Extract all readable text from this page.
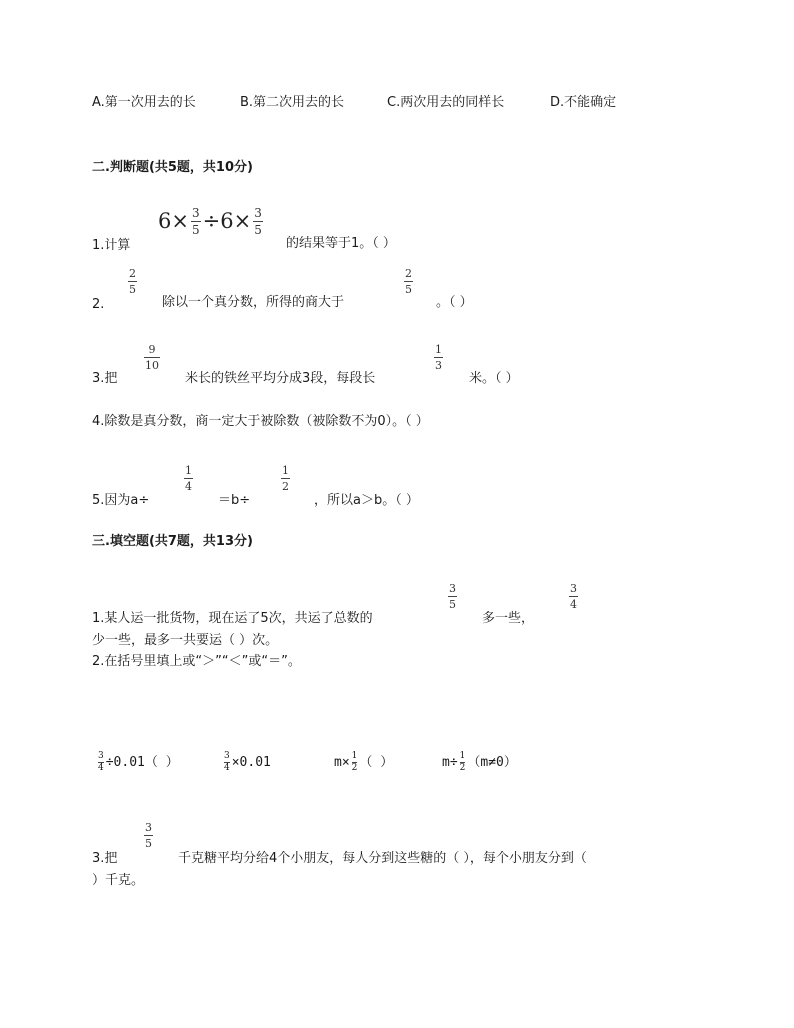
A.第一次用去的长	B.第二次用去的长	C.两次用去的同样长	D.不能确定
二.判断题(共5题，共10分)
1.计算
$6 \times \frac{3}{5} \div 6 \times \frac{3}{5}$
的结果等于1。（ ）
2.
2
5
除以一个真分数，所得的商大于
2
5
。（ ）
3.把
9
10
米长的铁丝平均分成3段，每段长
1
3
米。（ ）
4.除数是真分数，商一定大于被除数（被除数不为0）。（ ）
5.因为a÷
1
4
＝b÷
1
2
，所以a＞b。（ ）
三.填空题(共7题，共13分)
1.某人运一批货物，现在运了5次，共运了总数的
3
5
多一些，
3
4
少一些，最多一共要运（ ）次。
2.在括号里填上或“＞”“＜”或“＝”。
$\frac{3}{4} \div 0.01$（ ）	$\frac{3}{4} \times 0.01$	$m\times \frac{1}{2}$ （ ）	$m\div \frac{1}{2} (m\ne 0)$
3.把
3
5
千克糖平均分给4个小朋友，每人分到这些糖的（ ），每个小朋友分到（
）千克。
